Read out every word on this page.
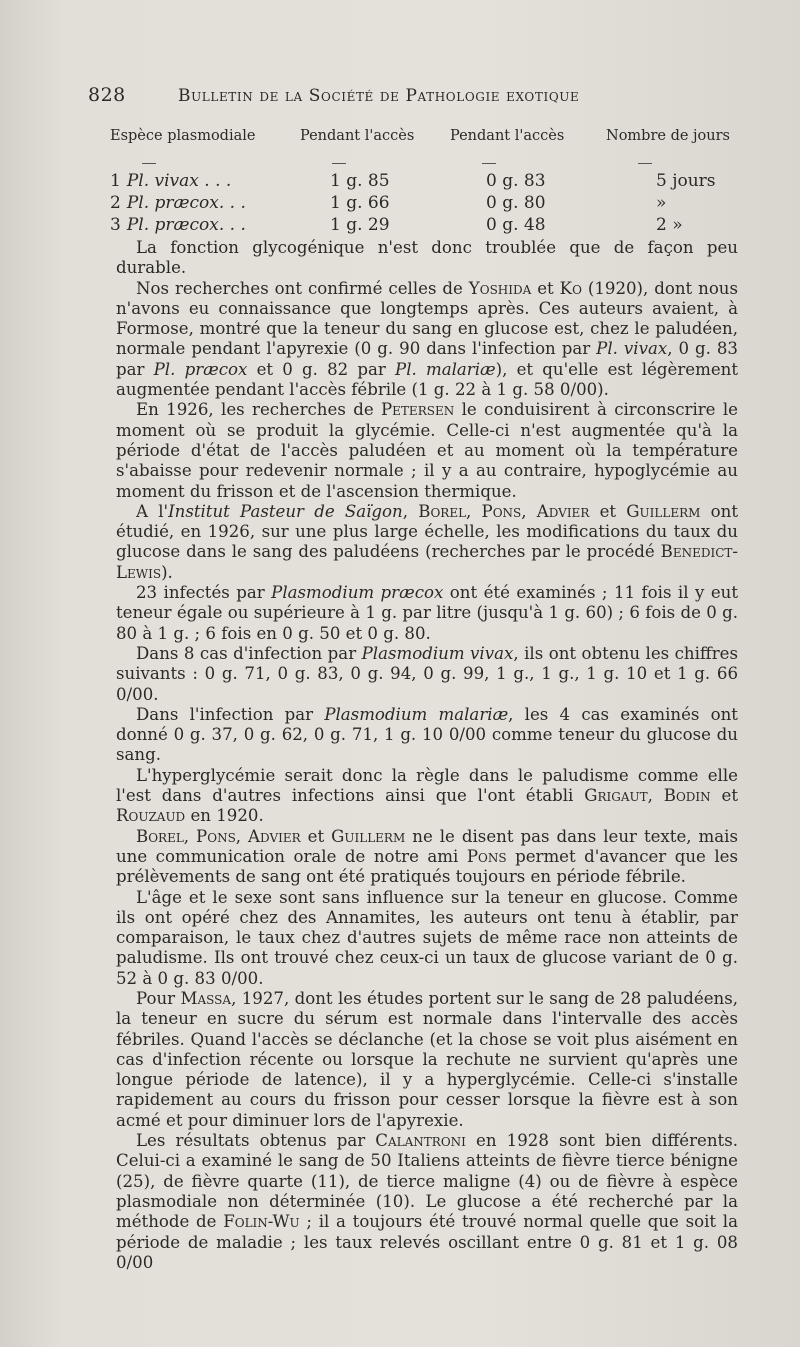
828	Bulletin de la Société de Pathologie exotique
Espèce plasmodiale	Pendant l'accès	Pendant l'accès	Nombre de jours

1 Pl. vivax . . .	1 g. 85	0 g. 83	5 jours
2 Pl. præcox. . .	1 g. 66	0 g. 80	»
3 Pl. præcox. . .	1 g. 29	0 g. 48	2 »

La fonction glycogénique n'est donc troublée que de façon peu durable.

Nos recherches ont confirmé celles de Yoshida et Ko (1920), dont nous n'avons eu connaissance que longtemps après. Ces auteurs avaient, à Formose, montré que la teneur du sang en glucose est, chez le paludéen, normale pendant l'apyrexie (0 g. 90 dans l'infection par Pl. vivax, 0 g. 83 par Pl. præcox et 0 g. 82 par Pl. malariæ), et qu'elle est légèrement augmentée pendant l'accès fébrile (1 g. 22 à 1 g. 58 0/00).

En 1926, les recherches de Petersen le conduisirent à circonscrire le moment où se produit la glycémie. Celle-ci n'est augmentée qu'à la période d'état de l'accès paludéen et au moment où la température s'abaisse pour redevenir normale ; il y a au contraire, hypoglycémie au moment du frisson et de l'ascension thermique.

A l'Institut Pasteur de Saïgon, Borel, Pons, Advier et Guillerm ont étudié, en 1926, sur une plus large échelle, les modifications du taux du glucose dans le sang des paludéens (recherches par le procédé Benedict-Lewis).

23 infectés par Plasmodium præcox ont été examinés ; 11 fois il y eut teneur égale ou supérieure à 1 g. par litre (jusqu'à 1 g. 60) ; 6 fois de 0 g. 80 à 1 g. ; 6 fois en 0 g. 50 et 0 g. 80.

Dans 8 cas d'infection par Plasmodium vivax, ils ont obtenu les chiffres suivants : 0 g. 71, 0 g. 83, 0 g. 94, 0 g. 99, 1 g., 1 g., 1 g. 10 et 1 g. 66 0/00.

Dans l'infection par Plasmodium malariæ, les 4 cas examinés ont donné 0 g. 37, 0 g. 62, 0 g. 71, 1 g. 10 0/00 comme teneur du glucose du sang.

L'hyperglycémie serait donc la règle dans le paludisme comme elle l'est dans d'autres infections ainsi que l'ont établi Grigaut, Bodin et Rouzaud en 1920.

Borel, Pons, Advier et Guillerm ne le disent pas dans leur texte, mais une communication orale de notre ami Pons permet d'avancer que les prélèvements de sang ont été pratiqués toujours en période fébrile.

L'âge et le sexe sont sans influence sur la teneur en glucose. Comme ils ont opéré chez des Annamites, les auteurs ont tenu à établir, par comparaison, le taux chez d'autres sujets de même race non atteints de paludisme. Ils ont trouvé chez ceux-ci un taux de glucose variant de 0 g. 52 à 0 g. 83 0/00.

Pour Massa, 1927, dont les études portent sur le sang de 28 paludéens, la teneur en sucre du sérum est normale dans l'intervalle des accès fébriles. Quand l'accès se déclanche (et la chose se voit plus aisément en cas d'infection récente ou lorsque la rechute ne survient qu'après une longue période de latence), il y a hyperglycémie. Celle-ci s'installe rapidement au cours du frisson pour cesser lorsque la fièvre est à son acmé et pour diminuer lors de l'apyrexie.

Les résultats obtenus par Calantroni en 1928 sont bien différents. Celui-ci a examiné le sang de 50 Italiens atteints de fièvre tierce bénigne (25), de fièvre quarte (11), de tierce maligne (4) ou de fièvre à espèce plasmodiale non déterminée (10). Le glucose a été recherché par la méthode de Folin-Wu ; il a toujours été trouvé normal quelle que soit la période de maladie ; les taux relevés oscillant entre 0 g. 81 et 1 g. 08 0/00
